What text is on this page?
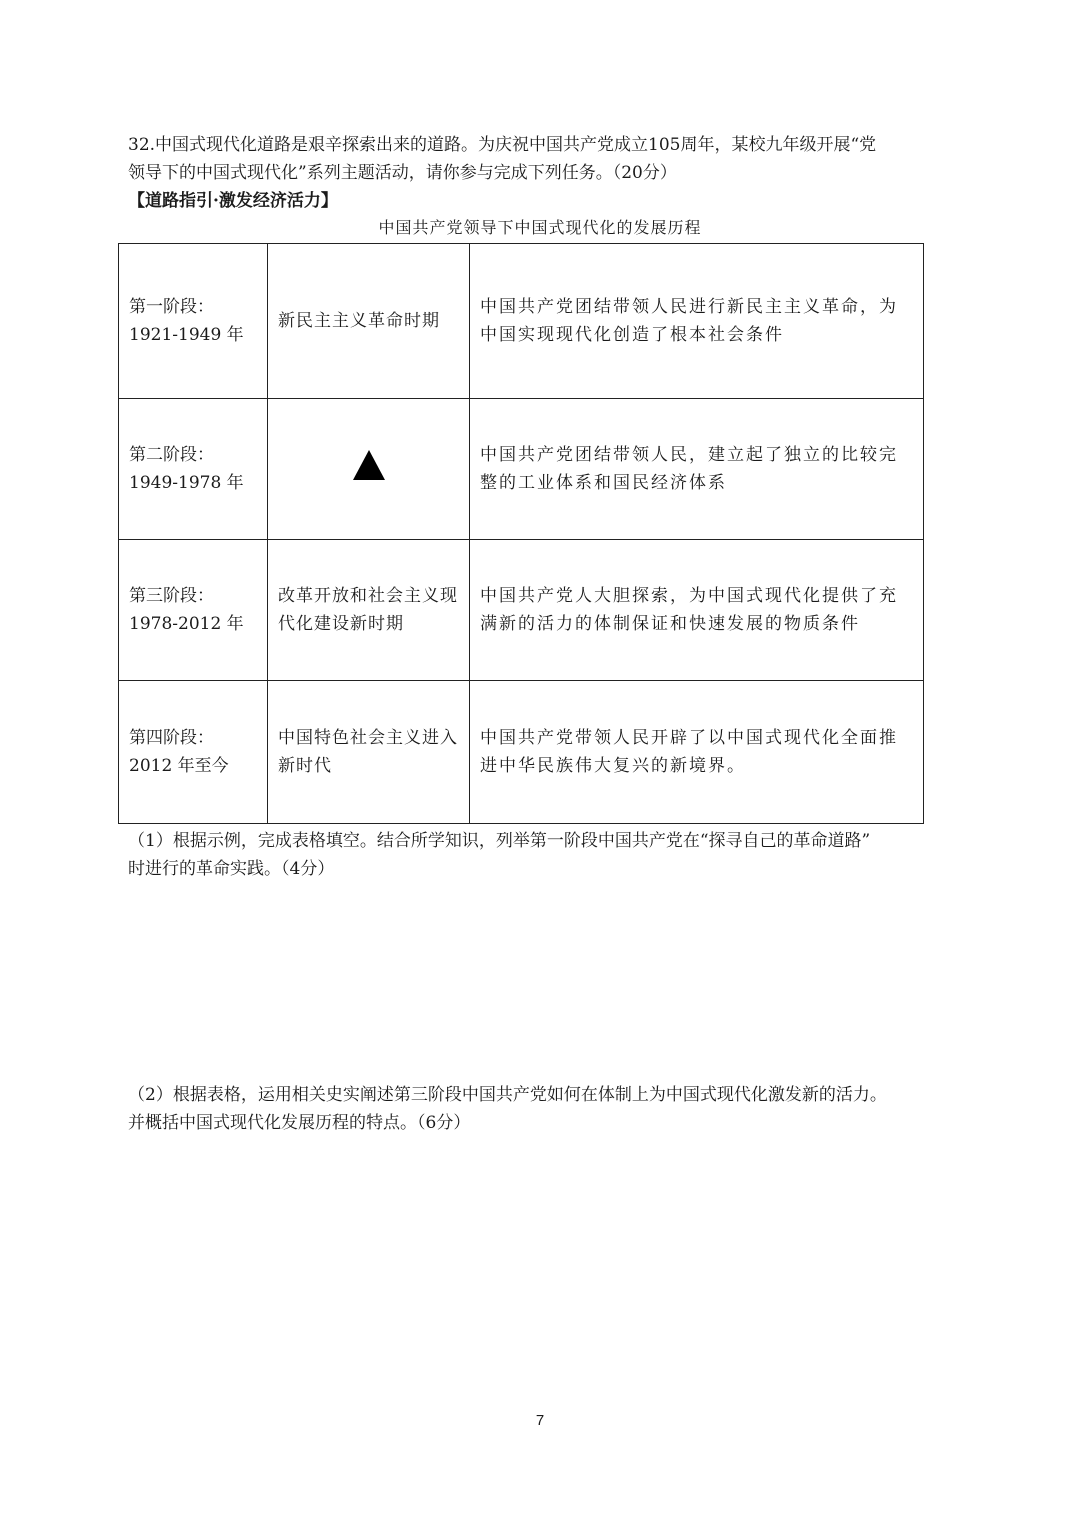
32.中国式现代化道路是艰辛探索出来的道路。为庆祝中国共产党成立105周年，某校九年级开展“党

领导下的中国式现代化”系列主题活动，请你参与完成下列任务。（20分）

【道路指引·激发经济活力】
中国共产党领导下中国式现代化的发展历程
第一阶段：
1921-1949 年	新民主主义革命时期	中国共产党团结带领人民进行新民主主义革命，为中国实现现代化创造了根本社会条件

第二阶段：
1949-1978 年		中国共产党团结带领人民，建立起了独立的比较完整的工业体系和国民经济体系

第三阶段：
1978-2012 年	改革开放和社会主义现代化建设新时期	中国共产党人大胆探索，为中国式现代化提供了充满新的活力的体制保证和快速发展的物质条件

第四阶段：
2012 年至今	中国特色社会主义进入新时代	中国共产党带领人民开辟了以中国式现代化全面推进中华民族伟大复兴的新境界。
（1）根据示例，完成表格填空。结合所学知识，列举第一阶段中国共产党在“探寻自己的革命道路”
时进行的革命实践。（4分）
（2）根据表格，运用相关史实阐述第三阶段中国共产党如何在体制上为中国式现代化激发新的活力。
并概括中国式现代化发展历程的特点。（6分）
7
